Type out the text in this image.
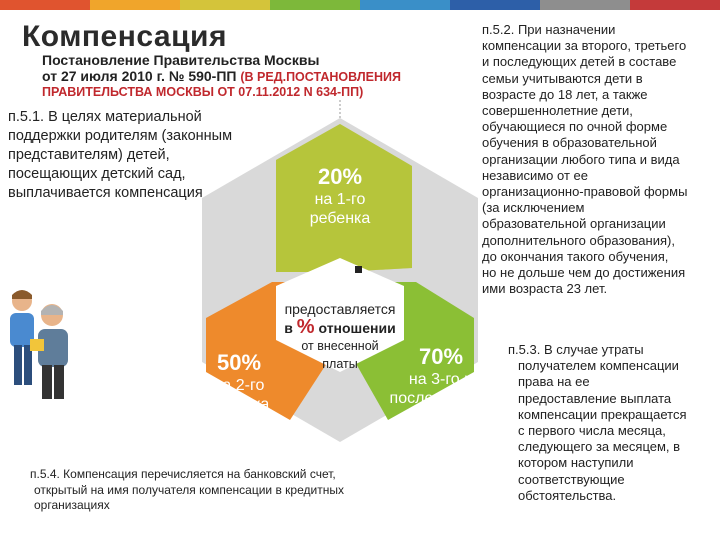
Компенсация
Постановление Правительства Москвы
от 27 июля 2010 г. № 590-ПП (В РЕД.ПОСТАНОВЛЕНИЯ
ПРАВИТЕЛЬСТВА МОСКВЫ ОТ 07.11.2012 N 634-ПП)
п.5.1. В целях материальной
поддержки родителям (законным
представителям) детей,
посещающих детский сад,
выплачивается компенсация
п.5.2. При назначении
компенсации за второго, третьего
и последующих детей в составе
семьи учитываются дети в
возрасте до 18 лет, а также
совершеннолетние дети,
обучающиеся по очной форме
обучения в образовательной
организации любого типа и вида
независимо от ее
организационно-правовой формы
(за исключением
образовательной организации
дополнительного образования),
до окончания такого обучения,
но не дольше чем до достижения
ими возраста 23 лет.
п.5.3. В случае утраты
получателем компенсации
права на ее
предоставление выплата
компенсации прекращается
с первого числа месяца,
следующего за месяцем, в
котором наступили
соответствующие
обстоятельства.
п.5.4. Компенсация перечисляется на банковский счет,
открытый на имя получателя компенсации в кредитных
организациях
20%
на 1-го
ребенка
50%
на 2-го
ребенка
70%
на 3-го и
последующих
детей
Компенсация
предоставляется
в % отношении
от внесенной
платы
